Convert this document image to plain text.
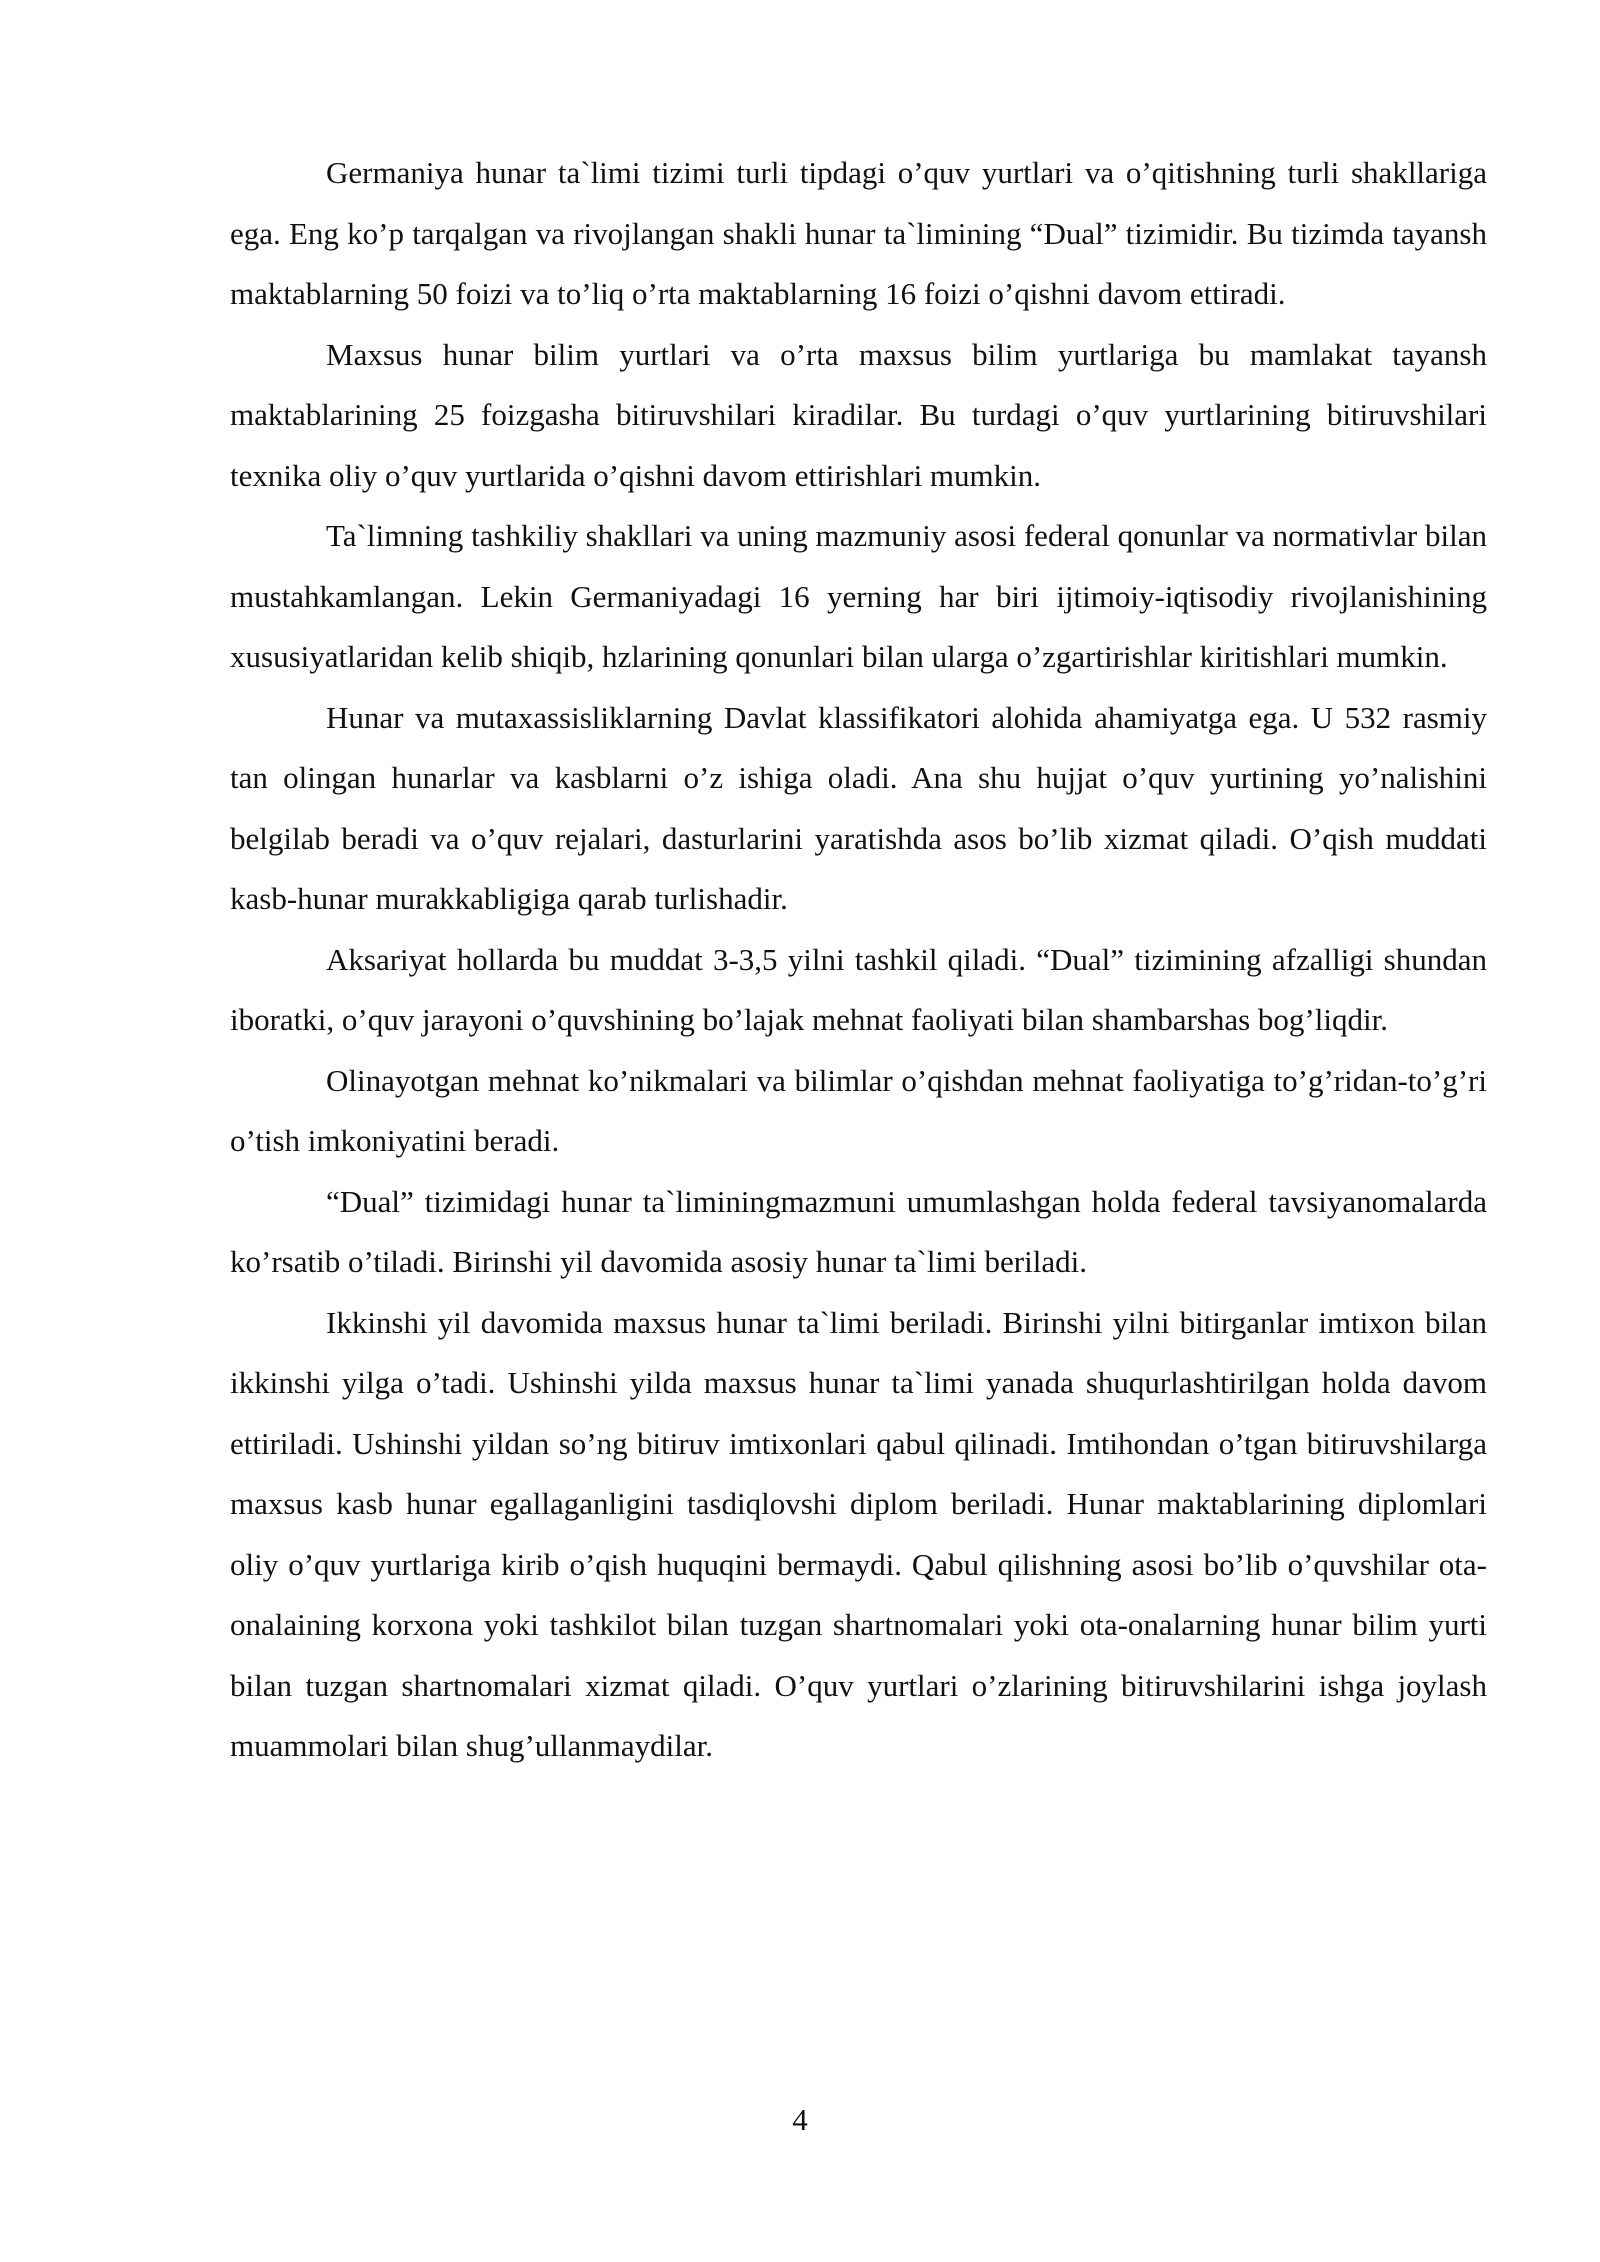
Germaniya hunar ta`limi tizimi turli tipdagi o’quv yurtlari va o’qitishning turli shakllariga ega. Eng ko’p tarqalgan va rivojlangan shakli hunar ta`limining “Dual” tizimidir. Bu tizimda tayansh maktablarning 50 foizi va to’liq o’rta maktablarning 16 foizi o’qishni davom ettiradi.

Maxsus hunar bilim yurtlari va o’rta maxsus bilim yurtlariga bu mamlakat tayansh maktablarining 25 foizgasha bitiruvshilari kiradilar. Bu turdagi o’quv yurtlarining bitiruvshilari texnika oliy o’quv yurtlarida o’qishni davom ettirishlari mumkin.

Ta`limning tashkiliy shakllari va uning mazmuniy asosi federal qonunlar va normativlar bilan mustahkamlangan. Lekin Germaniyadagi 16 yerning har biri ijtimoiy-iqtisodiy rivojlanishining xususiyatlaridan kelib shiqib, hzlarining qonunlari bilan ularga o’zgartirishlar kiritishlari mumkin.

Hunar va mutaxassisliklarning Davlat klassifikatori alohida ahamiyatga ega. U 532 rasmiy tan olingan hunarlar va kasblarni o’z ishiga oladi. Ana shu hujjat o’quv yurtining yo’nalishini belgilab beradi va o’quv rejalari, dasturlarini yaratishda asos bo’lib xizmat qiladi. O’qish muddati kasb-hunar murakkabligiga qarab turlishadir.

Aksariyat hollarda bu muddat 3-3,5 yilni tashkil qiladi. “Dual” tizimining afzalligi shundan iboratki, o’quv jarayoni o’quvshining bo’lajak mehnat faoliyati bilan shambarshas bog’liqdir.

Olinayotgan mehnat ko’nikmalari va bilimlar o’qishdan mehnat faoliyatiga to’g’ridan-to’g’ri o’tish imkoniyatini beradi.

“Dual” tizimidagi hunar ta`liminingmazmuni umumlashgan holda federal tavsiyanomalarda ko’rsatib o’tiladi. Birinshi yil davomida asosiy hunar ta`limi beriladi.

Ikkinshi yil davomida maxsus hunar ta`limi beriladi. Birinshi yilni bitirganlar imtixon bilan ikkinshi yilga o’tadi. Ushinshi yilda maxsus hunar ta`limi yanada shuqurlashtirilgan holda davom ettiriladi. Ushinshi yildan so’ng bitiruv imtixonlari qabul qilinadi. Imtihondan o’tgan bitiruvshilarga maxsus kasb hunar egallaganligini tasdiqlovshi diplom beriladi. Hunar maktablarining diplomlari oliy o’quv yurtlariga kirib o’qish huquqini bermaydi. Qabul qilishning asosi bo’lib o’quvshilar ota-onalaining korxona yoki tashkilot bilan tuzgan shartnomalari yoki ota-onalarning hunar bilim yurti bilan tuzgan shartnomalari xizmat qiladi. O’quv yurtlari o’zlarining bitiruvshilarini ishga joylash muammolari bilan shug’ullanmaydilar.

4
